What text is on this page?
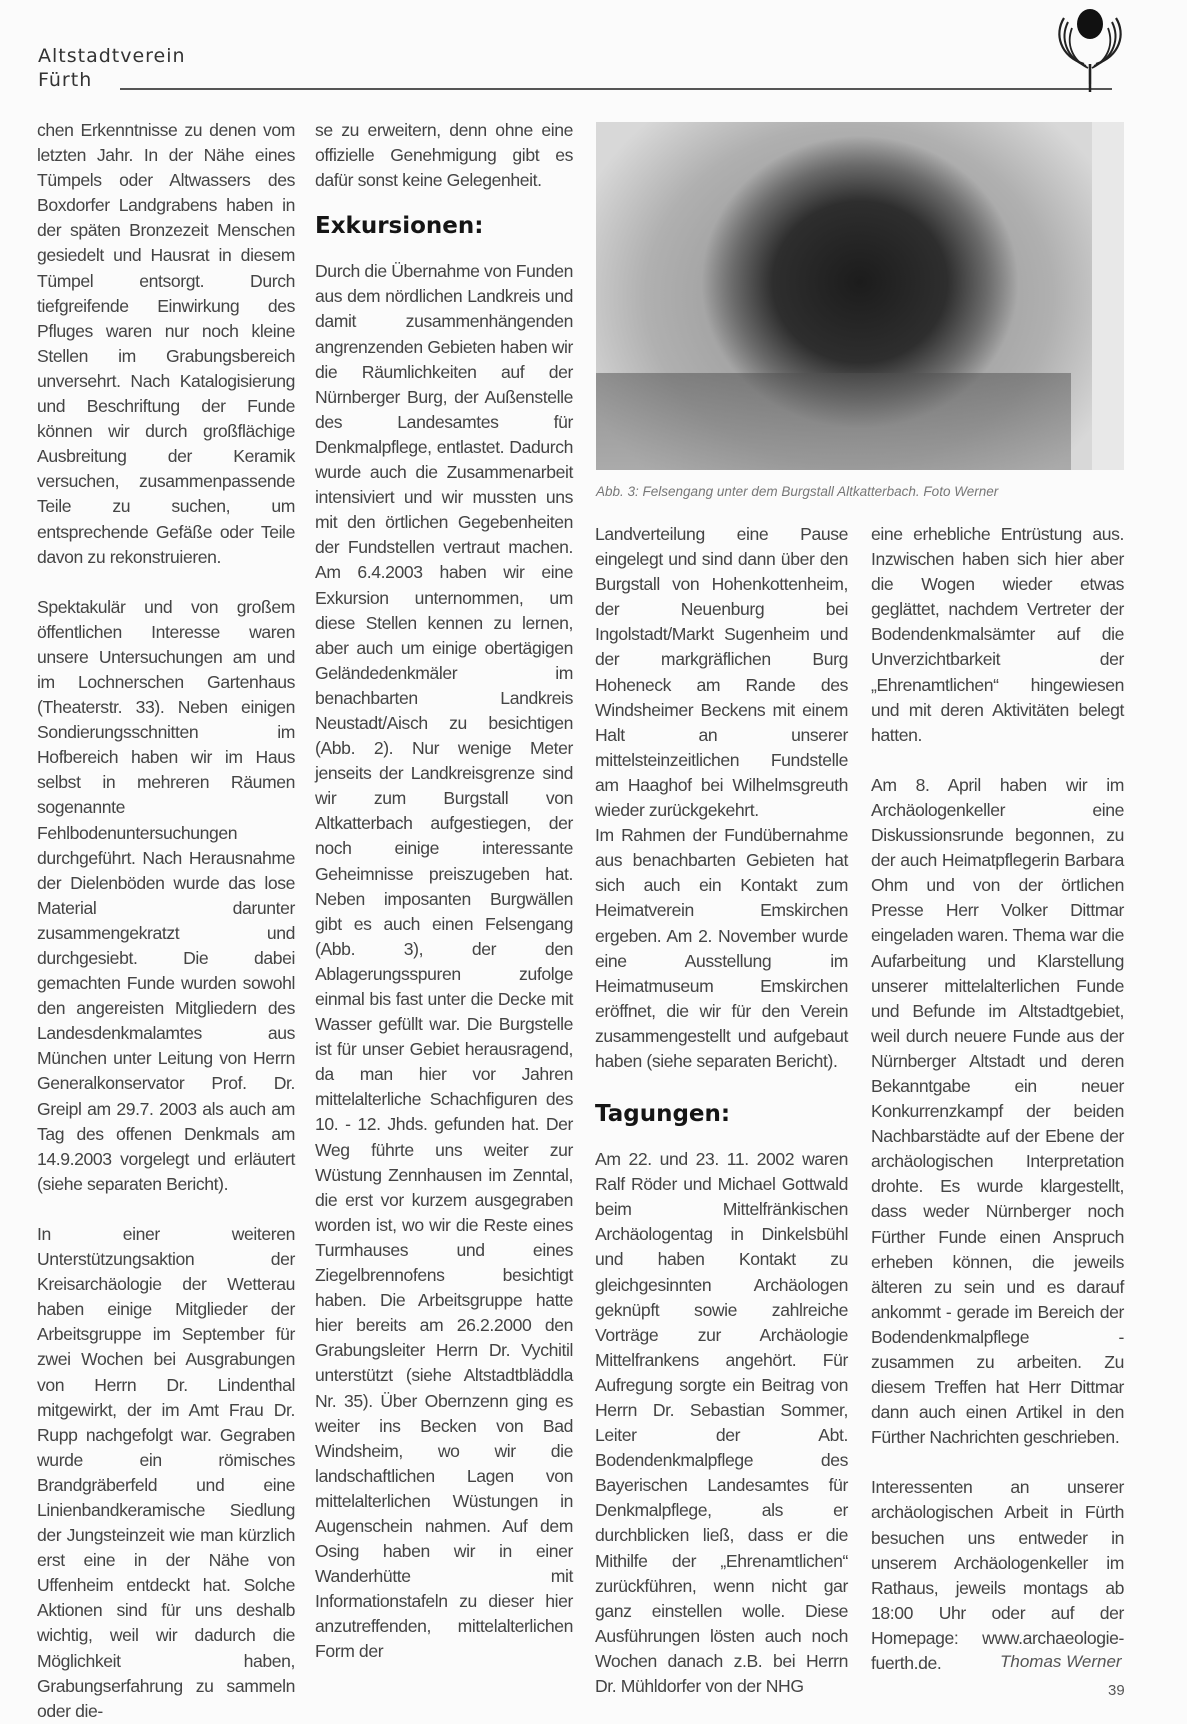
Altstadtverein
Fürth

chen Erkenntnisse zu denen vom letzten Jahr. In der Nähe eines Tümpels oder Altwassers des Boxdorfer Landgrabens haben in der späten Bronzezeit Menschen gesiedelt und Hausrat in diesem Tümpel entsorgt. Durch tiefgreifende Einwirkung des Pfluges waren nur noch kleine Stellen im Grabungsbereich unversehrt. Nach Katalogisierung und Beschriftung der Funde können wir durch großflächige Ausbreitung der Keramik versuchen, zusammenpassende Teile zu suchen, um entsprechende Gefäße oder Teile davon zu rekonstruieren.

Spektakulär und von großem öffentlichen Interesse waren unsere Untersuchungen am und im Lochnerschen Gartenhaus (Theaterstr. 33). Neben einigen Sondierungsschnitten im Hofbereich haben wir im Haus selbst in mehreren Räumen sogenannte Fehlbodenuntersuchungen durchgeführt. Nach Herausnahme der Dielenböden wurde das lose Material darunter zusammengekratzt und durchgesiebt. Die dabei gemachten Funde wurden sowohl den angereisten Mitgliedern des Landesdenkmalamtes aus München unter Leitung von Herrn Generalkonservator Prof. Dr. Greipl am 29.7. 2003 als auch am Tag des offenen Denkmals am 14.9.2003 vorgelegt und erläutert (siehe separaten Bericht).

In einer weiteren Unterstützungsaktion der Kreisarchäologie der Wetterau haben einige Mitglieder der Arbeitsgruppe im September für zwei Wochen bei Ausgrabungen von Herrn Dr. Lindenthal mitgewirkt, der im Amt Frau Dr. Rupp nachgefolgt war. Gegraben wurde ein römisches Brandgräberfeld und eine Linienbandkeramische Siedlung der Jungsteinzeit wie man kürzlich erst eine in der Nähe von Uffenheim entdeckt hat. Solche Aktionen sind für uns deshalb wichtig, weil wir dadurch die Möglichkeit haben, Grabungserfahrung zu sammeln oder die-

se zu erweitern, denn ohne eine offizielle Genehmigung gibt es dafür sonst keine Gelegenheit.

Exkursionen:

Durch die Übernahme von Funden aus dem nördlichen Landkreis und damit zusammenhängenden angrenzenden Gebieten haben wir die Räumlichkeiten auf der Nürnberger Burg, der Außenstelle des Landesamtes für Denkmalpflege, entlastet. Dadurch wurde auch die Zusammenarbeit intensiviert und wir mussten uns mit den örtlichen Gegebenheiten der Fundstellen vertraut machen. Am 6.4.2003 haben wir eine Exkursion unternommen, um diese Stellen kennen zu lernen, aber auch um einige obertägigen Geländedenkmäler im benachbarten Landkreis Neustadt/Aisch zu besichtigen (Abb. 2). Nur wenige Meter jenseits der Landkreisgrenze sind wir zum Burgstall von Altkatterbach aufgestiegen, der noch einige interessante Geheimnisse preiszugeben hat. Neben imposanten Burgwällen gibt es auch einen Felsengang (Abb. 3), der den Ablagerungsspuren zufolge einmal bis fast unter die Decke mit Wasser gefüllt war. Die Burgstelle ist für unser Gebiet herausragend, da man hier vor Jahren mittelalterliche Schachfiguren des 10. - 12. Jhds. gefunden hat. Der Weg führte uns weiter zur Wüstung Zennhausen im Zenntal, die erst vor kurzem ausgegraben worden ist, wo wir die Reste eines Turmhauses und eines Ziegelbrennofens besichtigt haben. Die Arbeitsgruppe hatte hier bereits am 26.2.2000 den Grabungsleiter Herrn Dr. Vychitil unterstützt (siehe Altstadtbläddla Nr. 35). Über Obernzenn ging es weiter ins Becken von Bad Windsheim, wo wir die landschaftlichen Lagen von mittelalterlichen Wüstungen in Augenschein nahmen. Auf dem Osing haben wir in einer Wanderhütte mit Informationstafeln zu dieser hier anzutreffenden, mittelalterlichen Form der

Abb. 3: Felsengang unter dem Burgstall Altkatterbach. Foto Werner

Landverteilung eine Pause eingelegt und sind dann über den Burgstall von Hohenkottenheim, der Neuenburg bei Ingolstadt/Markt Sugenheim und der markgräflichen Burg Hoheneck am Rande des Windsheimer Beckens mit einem Halt an unserer mittelsteinzeitlichen Fundstelle am Haaghof bei Wilhelmsgreuth wieder zurückgekehrt.

Im Rahmen der Fundübernahme aus benachbarten Gebieten hat sich auch ein Kontakt zum Heimatverein Emskirchen ergeben. Am 2. November wurde eine Ausstellung im Heimatmuseum Emskirchen eröffnet, die wir für den Verein zusammengestellt und aufgebaut haben (siehe separaten Bericht).

Tagungen:

Am 22. und 23. 11. 2002 waren Ralf Röder und Michael Gottwald beim Mittelfränkischen Archäologentag in Dinkelsbühl und haben Kontakt zu gleichgesinnten Archäologen geknüpft sowie zahlreiche Vorträge zur Archäologie Mittelfrankens angehört. Für Aufregung sorgte ein Beitrag von Herrn Dr. Sebastian Sommer, Leiter der Abt. Bodendenkmalpflege des Bayerischen Landesamtes für Denkmalpflege, als er durchblicken ließ, dass er die Mithilfe der „Ehrenamtlichen“ zurückführen, wenn nicht gar ganz einstellen wolle. Diese Ausführungen lösten auch noch Wochen danach z.B. bei Herrn Dr. Mühldorfer von der NHG

eine erhebliche Entrüstung aus. Inzwischen haben sich hier aber die Wogen wieder etwas geglättet, nachdem Vertreter der Bodendenkmalsämter auf die Unverzichtbarkeit der „Ehrenamtlichen“ hingewiesen und mit deren Aktivitäten belegt hatten.

Am 8. April haben wir im Archäologenkeller eine Diskussionsrunde begonnen, zu der auch Heimatpflegerin Barbara Ohm und von der örtlichen Presse Herr Volker Dittmar eingeladen waren. Thema war die Aufarbeitung und Klarstellung unserer mittelalterlichen Funde und Befunde im Altstadtgebiet, weil durch neuere Funde aus der Nürnberger Altstadt und deren Bekanntgabe ein neuer Konkurrenzkampf der beiden Nachbarstädte auf der Ebene der archäologischen Interpretation drohte. Es wurde klargestellt, dass weder Nürnberger noch Fürther Funde einen Anspruch erheben können, die jeweils älteren zu sein und es darauf ankommt - gerade im Bereich der Bodendenkmalpflege - zusammen zu arbeiten. Zu diesem Treffen hat Herr Dittmar dann auch einen Artikel in den Fürther Nachrichten geschrieben.

Interessenten an unserer archäologischen Arbeit in Fürth besuchen uns entweder in unserem Archäologenkeller im Rathaus, jeweils montags ab 18:00 Uhr oder auf der Homepage: www.archaeologie-fuerth.de.	Thomas Werner
39
